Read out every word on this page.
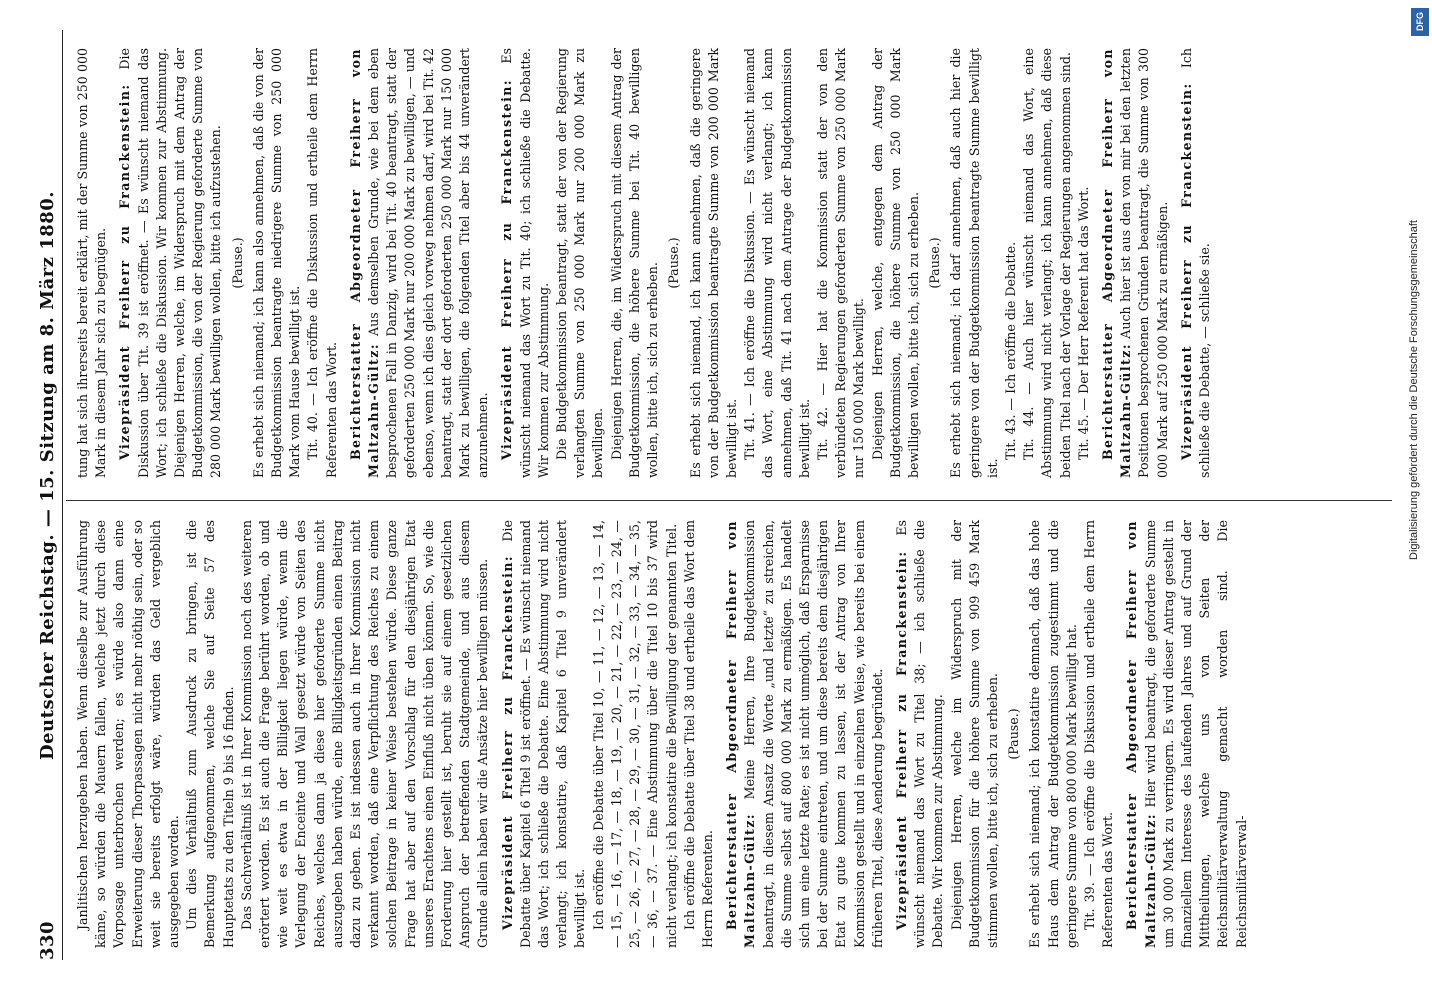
330
Deutscher Reichstag. — 15. Sitzung am 8. März 1880. Janlitischen herzugeben haben. Wenn dieselbe zur Ausführung käme, so würden die Mauern fallen, welche jetzt durch diese Vorposage unterbrochen werden; es würde also dann eine Erweiterung dieser Thorpassagen nicht mehr nöthig sein, oder so weit sie bereits erfolgt wäre, würden das Geld vergeblich ausgegeben worden. Um dies Verhältniß zum Ausdruck zu bringen, ist die Bemerkung aufgenommen, welche Sie auf Seite 57 des Hauptetats zu den Titeln 9 bis 16 finden. Das Sachverhältniß ist in Ihrer Kommission noch des weiteren erörtert worden. Es ist auch die Frage berührt worden, ob und wie weit es etwa in der Billigkeit liegen würde, wenn die Verlegung der Enceinte und Wall gesetzt würde von Seiten des Reiches, welches dann ja diese hier geforderte Summe nicht auszugeben haben würde, eine Billigkeitsgründen einen Beitrag dazu zu geben. Es ist indessen auch in Ihrer Kommission nicht verkannt worden, daß eine Verpflichtung des Reiches zu einem solchen Beitrage in keiner Weise bestehen würde. Diese ganze Frage hat aber auf den Vorschlag für den diesjährigen Etat unseres Erachtens einen Einfluß nicht üben können. So, wie die Forderung hier gestellt ist, beruht sie auf einem gesetzlichen Anspruch der betreffenden Stadtgemeinde, und aus diesem Grunde allein haben wir die Ansätze hier bewilligen müssen. Vizepräsident Freiherr zu Franckenstein: Die Debatte über Kapitel 6 Titel 9 ist eröffnet. — Es wünscht niemand das Wort; ich schließe die Debatte. Eine Abstimmung wird nicht verlangt; ich konstatire, daß Kapitel 6 Titel 9 unverändert bewilligt ist. Ich eröffne die Debatte über Titel 10, — 11, — 12, — 13, — 14, — 15, — 16, — 17, — 18, — 19, — 20, — 21, — 22, — 23, — 24, — 25, — 26, — 27, — 28, — 29, — 30, — 31, — 32, — 33, — 34, — 35, — 36, — 37. — Eine Abstimmung über die Titel 10 bis 37 wird nicht verlangt; ich konstatire die Bewilligung der genannten Titel. Ich eröffne die Debatte über Titel 38 und ertheile das Wort dem Herrn Referenten. Berichterstatter Abgeordneter Freiherr von Maltzahn-Gültz: Meine Herren, Ihre Budgetkommission beantragt, in diesem Ansatz die Worte „und letzte“ zu streichen, die Summe selbst auf 800 000 Mark zu ermäßigen. Es handelt sich um eine letzte Rate; es ist nicht unmöglich, daß Ersparnisse bei der Summe eintreten, und um diese bereits dem diesjährigen Etat zu gute kommen zu lassen, ist der Antrag von Ihrer Kommission gestellt und in einzelnen Weise, wie bereits bei einem früheren Titel, diese Aenderung begründet. Vizepräsident Freiherr zu Franckenstein: Es wünscht niemand das Wort zu Titel 38; — ich schließe die Debatte. Wir kommen zur Abstimmung. Diejenigen Herren, welche im Widerspruch mit der Budgetkommission für die höhere Summe von 909 459 Mark stimmen wollen, bitte ich, sich zu erheben. (Pause.) Es erhebt sich niemand; ich konstatire demnach, daß das hohe Haus dem Antrag der Budgetkommission zugestimmt und die geringere Summe von 800 000 Mark bewilligt hat. Tit. 39. — Ich eröffne die Diskussion und ertheile dem Herrn Referenten das Wort. Berichterstatter Abgeordneter Freiherr von Maltzahn-Gültz: Hier wird beantragt, die geforderte Summe um 30 000 Mark zu verringern. Es wird dieser Antrag gestellt in finanziellem Interesse des laufenden Jahres und auf Grund der Mittheilungen, welche uns von Seiten der Reichsmilitärverwaltung gemacht worden sind. Die Reichsmilitärverwal-

tung hat sich ihrerseits bereit erklärt, mit der Summe von 250 000 Mark in diesem Jahr sich zu begnügen. Vizepräsident Freiherr zu Franckenstein: Die Diskussion über Tit. 39 ist eröffnet. — Es wünscht niemand das Wort; ich schließe die Diskussion. Wir kommen zur Abstimmung. Diejenigen Herren, welche, im Widerspruch mit dem Antrag der Budgetkommission, die von der Regierung geforderte Summe von 280 000 Mark bewilligen wollen, bitte ich aufzustehen. (Pause.) Es erhebt sich niemand; ich kann also annehmen, daß die von der Budgetkommission beantragte niedrigere Summe von 250 000 Mark vom Hause bewilligt ist. Tit. 40. — Ich eröffne die Diskussion und ertheile dem Herrn Referenten das Wort. Berichterstatter Abgeordneter Freiherr von Maltzahn-Gültz: Aus demselben Grunde, wie bei dem eben besprochenen Fall in Danzig, wird bei Tit. 40 beantragt, statt der geforderten 250 000 Mark nur 200 000 Mark zu bewilligen, — und ebenso, wenn ich dies gleich vorweg nehmen darf, wird bei Tit. 42 beantragt, statt der dort geforderten 250 000 Mark nur 150 000 Mark zu bewilligen, die folgenden Titel aber bis 44 unverändert anzunehmen. Vizepräsident Freiherr zu Franckenstein: Es wünscht niemand das Wort zu Tit. 40; ich schließe die Debatte. Wir kommen zur Abstimmung. Die Budgetkommission beantragt, statt der von der Regierung verlangten Summe von 250 000 Mark nur 200 000 Mark zu bewilligen. Diejenigen Herren, die, im Widerspruch mit diesem Antrag der Budgetkommission, die höhere Summe bei Tit. 40 bewilligen wollen, bitte ich, sich zu erheben. (Pause.) Es erhebt sich niemand, ich kann annehmen, daß die geringere von der Budgetkommission beantragte Summe von 200 000 Mark bewilligt ist. Tit. 41. — Ich eröffne die Diskussion. — Es wünscht niemand das Wort, eine Abstimmung wird nicht verlangt; ich kann annehmen, daß Tit. 41 nach dem Antrage der Budgetkommission bewilligt ist. Tit. 42. — Hier hat die Kommission statt der von den verbündeten Regierungen geforderten Summe von 250 000 Mark nur 150 000 Mark bewilligt. Diejenigen Herren, welche, entgegen dem Antrag der Budgetkommission, die höhere Summe von 250 000 Mark bewilligen wollen, bitte ich, sich zu erheben. (Pause.) Es erhebt sich niemand; ich darf annehmen, daß auch hier die geringere von der Budgetkommission beantragte Summe bewilligt ist.

Tit. 43. — Ich eröffne die Debatte. Tit. 44. — Auch hier wünscht niemand das Wort, eine Abstimmung wird nicht verlangt; ich kann annehmen, daß diese beiden Titel nach der Vorlage der Regierungen angenommen sind. Tit. 45. — Der Herr Referent hat das Wort. Berichterstatter Abgeordneter Freiherr von Maltzahn-Gültz: Auch hier ist aus den von mir bei den letzten Positionen besprochenen Gründen beantragt, die Summe von 300 000 Mark auf 250 000 Mark zu ermäßigen. Vizepräsident Freiherr zu Franckenstein: Ich schließe die Debatte, — schließe sie.

DFG
Digitalisierung gefördert durch die Deutsche Forschungsgemeinschaft
